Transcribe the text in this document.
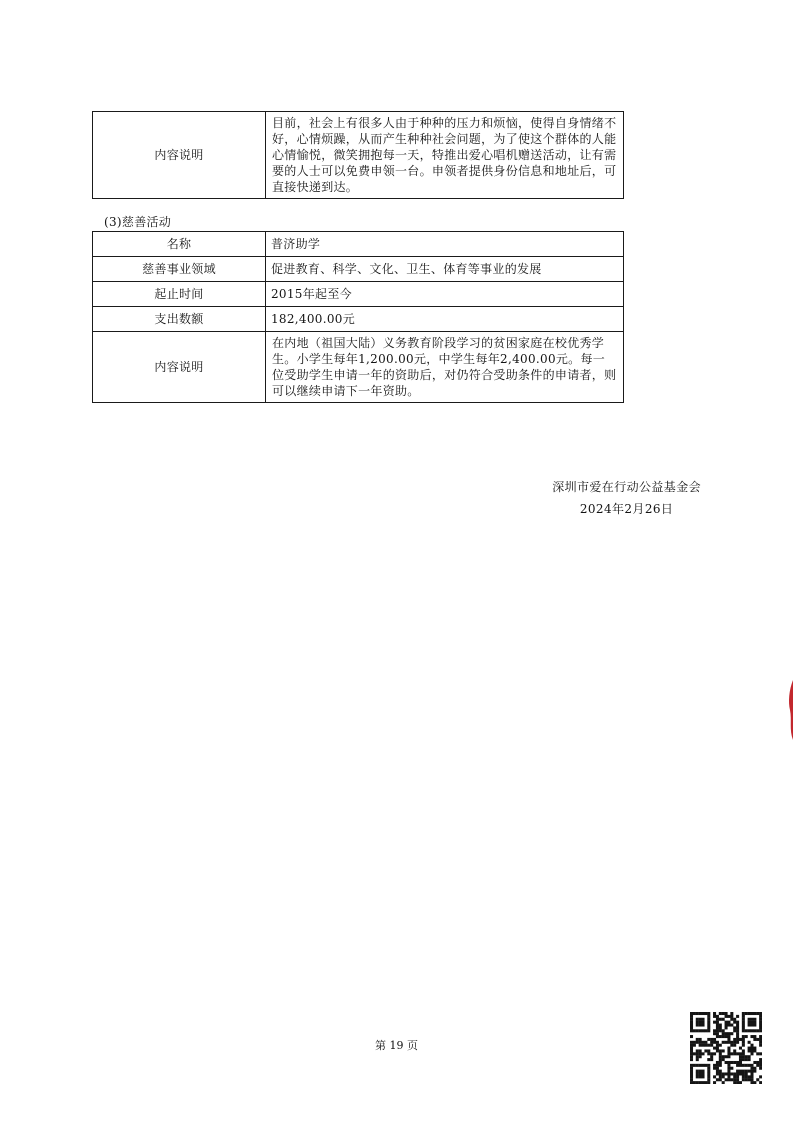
内容说明	目前，社会上有很多人由于种种的压力和烦恼，使得自身情绪不好，心情烦躁，从而产生种种社会问题，为了使这个群体的人能心情愉悦，微笑拥抱每一天，特推出爱心唱机赠送活动，让有需要的人士可以免费申领一台。申领者提供身份信息和地址后，可直接快递到达。
(3)慈善活动
名称	普济助学
慈善事业领域	促进教育、科学、文化、卫生、体育等事业的发展
起止时间	2015年起至今
支出数额	182,400.00元
内容说明	在内地（祖国大陆）义务教育阶段学习的贫困家庭在校优秀学生。小学生每年1,200.00元，中学生每年2,400.00元。每一位受助学生申请一年的资助后，对仍符合受助条件的申请者，则可以继续申请下一年资助。
深圳市爱在行动公益基金会
2024年2月26日
第 19 页
